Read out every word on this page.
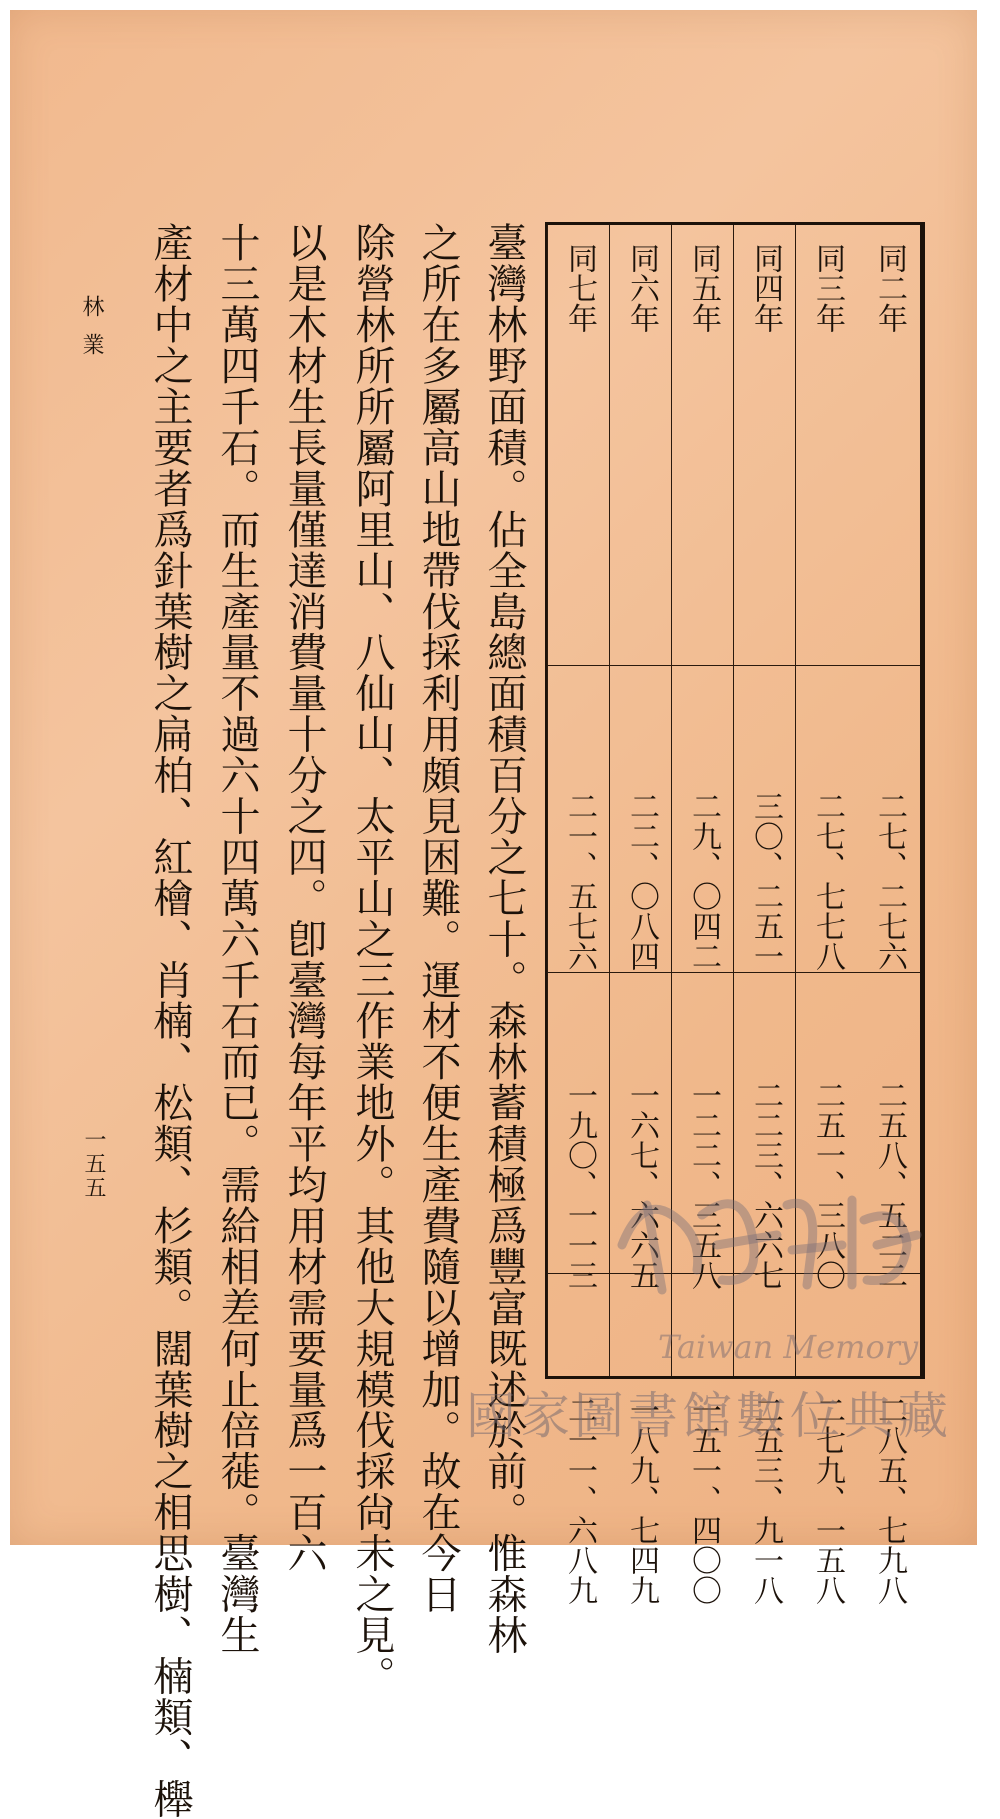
同二年
二七、二七六
二五八、五二二
二八五、七九八
同三年
二七、七七八
二五一、三八〇
二七九、一五八
同四年
三〇、二五一
二二三、六六七
二五三、九一八
同五年
二九、〇四二
一二二、三五八
一五一、四〇〇
同六年
二二、〇八四
一六七、六六五
一八九、七四九
同七年
二一、五七六
一九〇、一一三
二一一、六八九
臺灣林野面積。佔全島總面積百分之七十。森林蓄積極爲豐富既述於前。惟森林
之所在多屬高山地帶伐採利用頗見困難。運材不便生產費隨以增加。故在今日
除營林所所屬阿里山、八仙山、太平山之三作業地外。其他大規模伐採尙未之見。
以是木材生長量僅達消費量十分之四。卽臺灣每年平均用材需要量爲一百六
十三萬四千石。而生產量不過六十四萬六千石而已。需給相差何止倍蓰。臺灣生
產材中之主要者爲針葉樹之扁柏、紅檜、肖楠、松類、杉類。闊葉樹之相思樹、楠類、櫸
林業
一五五
Taiwan Memory
國家圖書館數位典藏
